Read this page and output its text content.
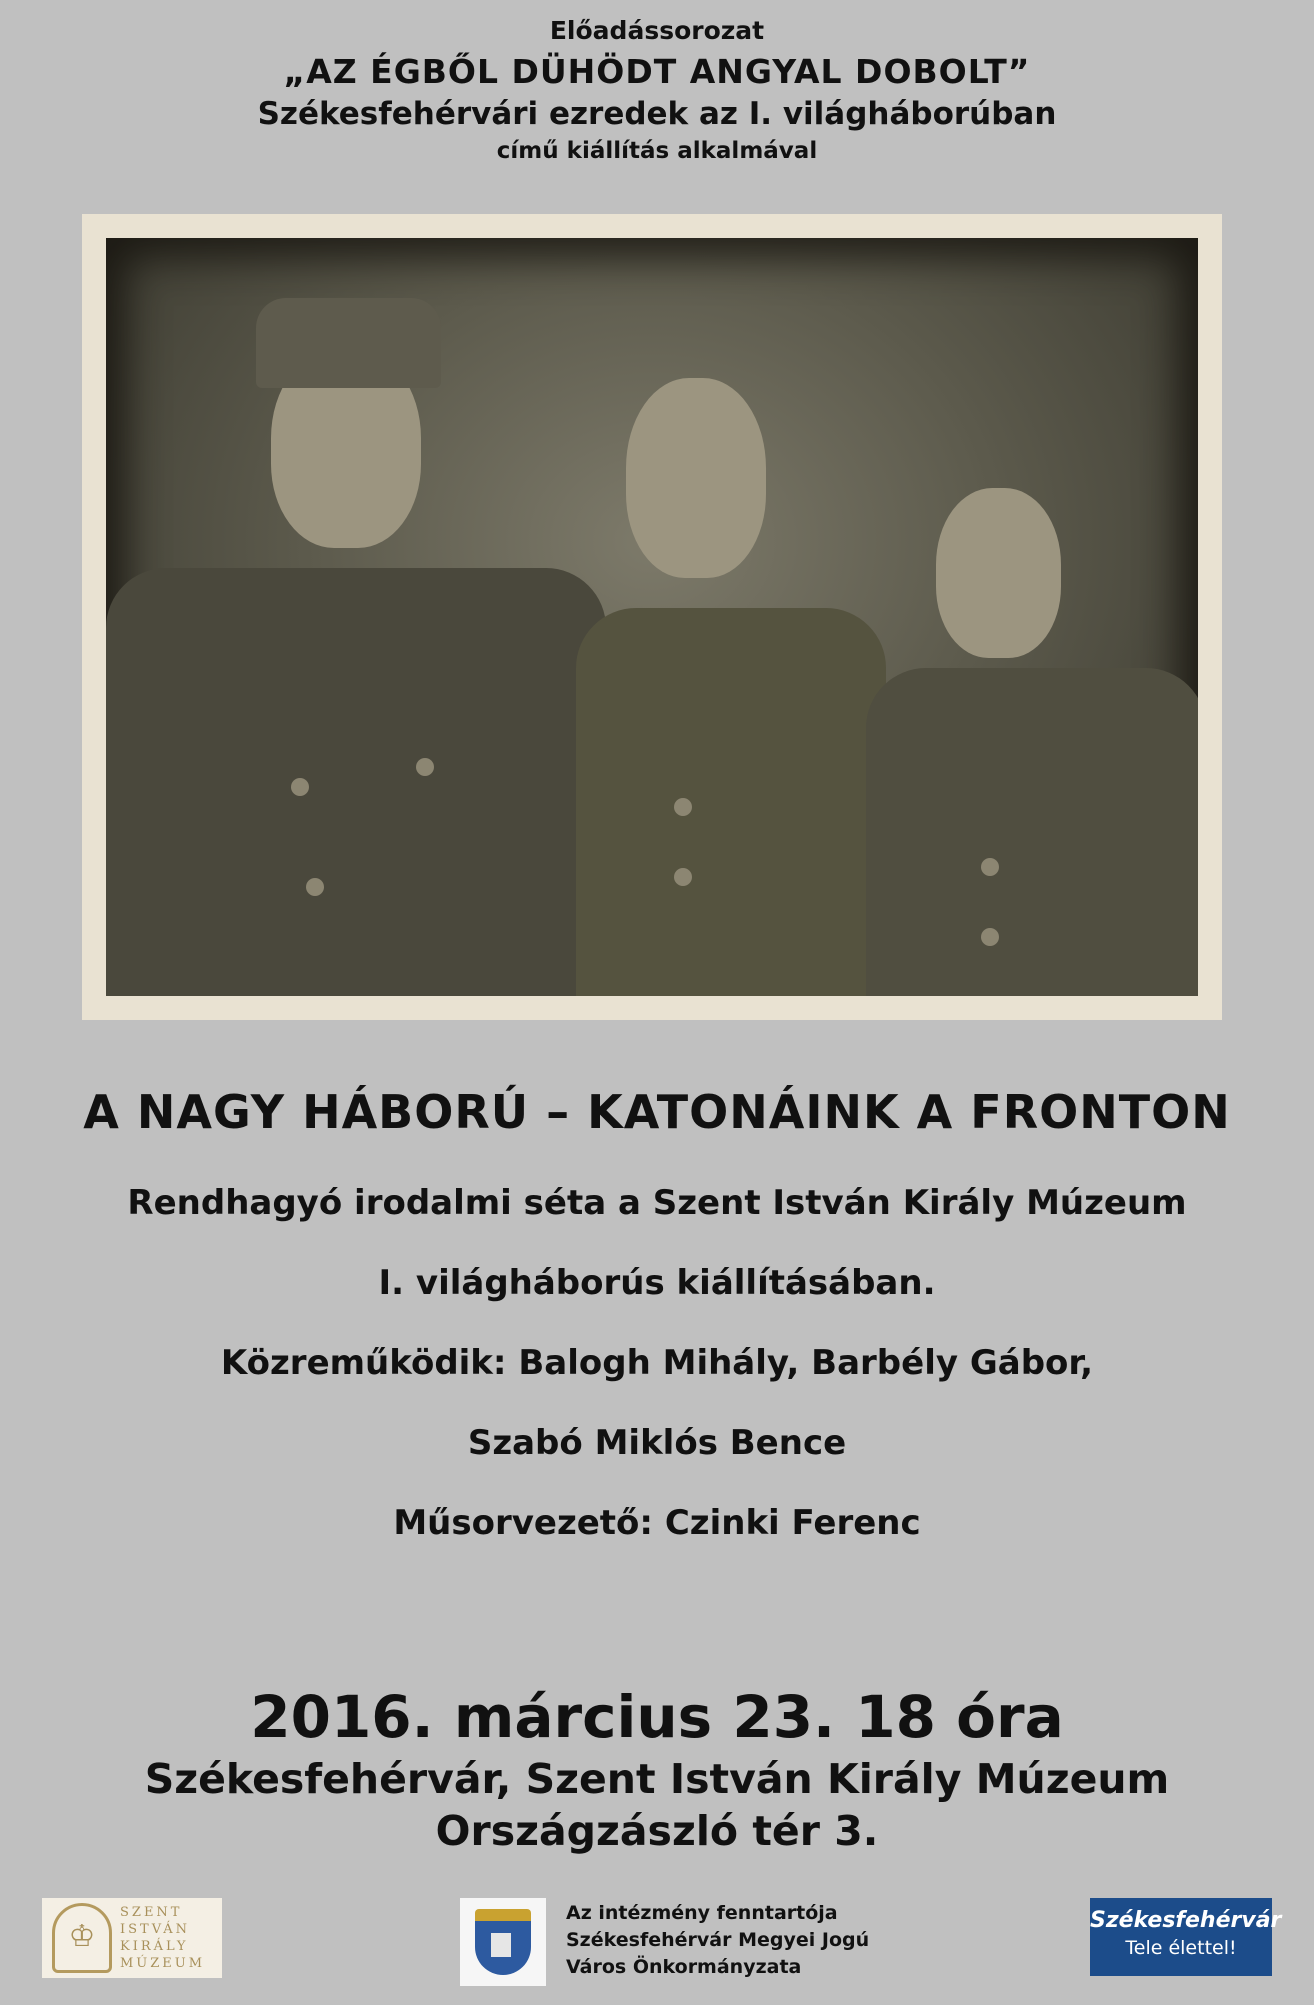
Előadássorozat
„AZ ÉGBŐL DÜHÖDT ANGYAL DOBOLT”
Székesfehérvári ezredek az I. világháborúban
című kiállítás alkalmával
A NAGY HÁBORÚ – KATONÁINK A FRONTON
Rendhagyó irodalmi séta a Szent István Király Múzeum
I. világháborús kiállításában.
Közreműködik: Balogh Mihály, Barbély Gábor,
Szabó Miklós Bence
Műsorvezető: Czinki Ferenc
2016. március 23. 18 óra
Székesfehérvár, Szent István Király Múzeum
Országzászló tér 3.
♔
SZENT
ISTVÁN
KIRÁLY
MÚZEUM
Az intézmény fenntartója
Székesfehérvár Megyei Jogú
Város Önkormányzata
Székesfehérvár
Tele élettel!
